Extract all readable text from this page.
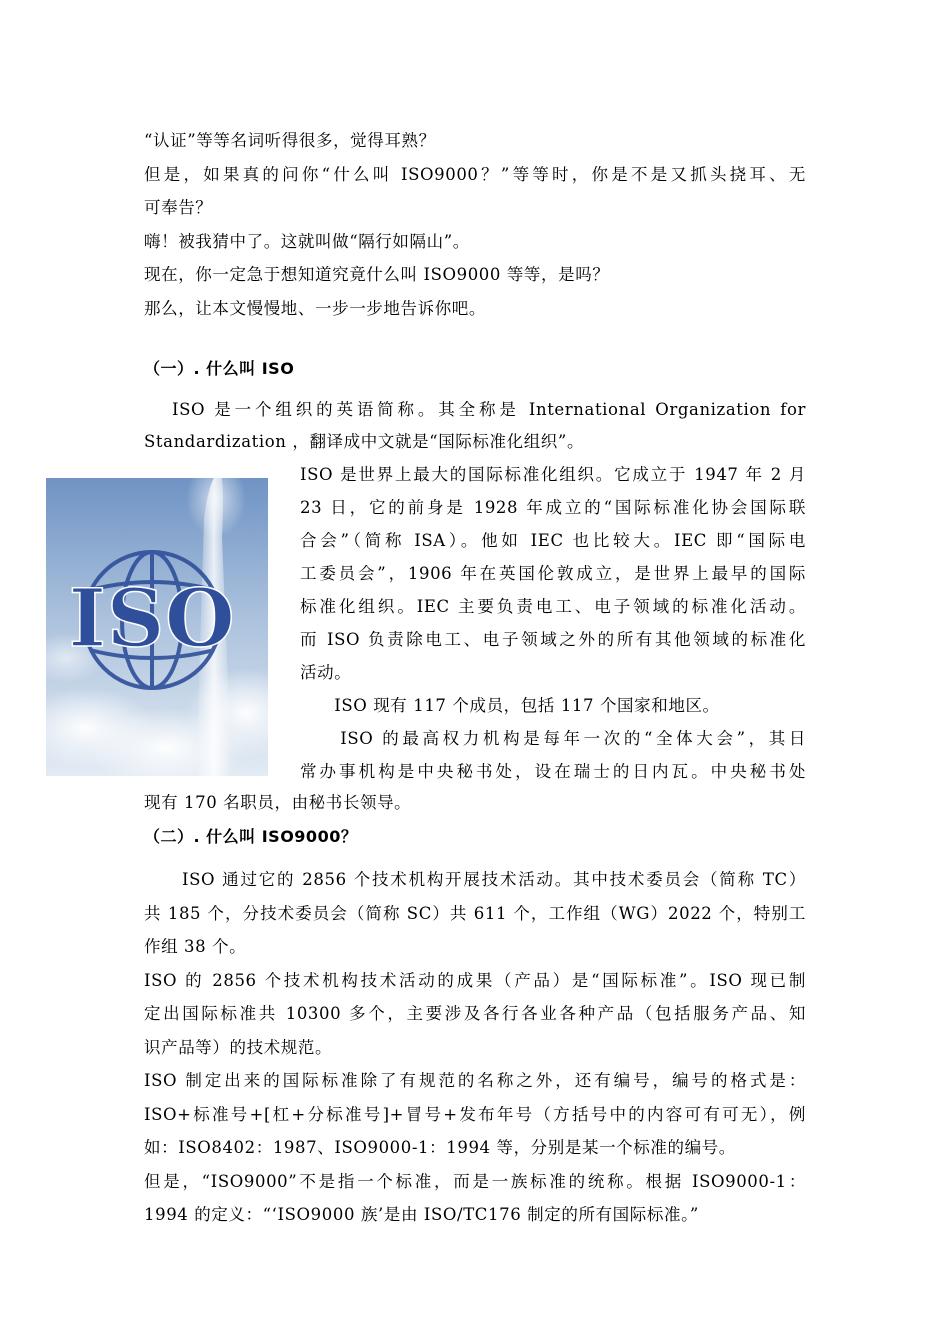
“认证”等等名词听得很多，觉得耳熟？
但是，如果真的问你“什么叫 ISO9000？”等等时，你是不是又抓头挠耳、无
可奉告？
嗨！被我猜中了。这就叫做“隔行如隔山”。
现在，你一定急于想知道究竟什么叫 ISO9000 等等，是吗？
那么，让本文慢慢地、一步一步地告诉你吧。
（一）. 什么叫 ISO
ISO 是一个组织的英语简称。其全称是 International Organization for
Standardization ，翻译成中文就是“国际标准化组织”。
ISO
ISO 是世界上最大的国际标准化组织。它成立于 1947 年 2 月
23 日，它的前身是 1928 年成立的“国际标准化协会国际联
合会”（简称 ISA）。他如 IEC 也比较大。IEC 即“国际电
工委员会”，1906 年在英国伦敦成立，是世界上最早的国际
标准化组织。IEC 主要负责电工、电子领域的标准化活动。
而 ISO 负责除电工、电子领域之外的所有其他领域的标准化
活动。
　　ISO 现有 117 个成员，包括 117 个国家和地区。
　　ISO 的最高权力机构是每年一次的“全体大会”，其日
常办事机构是中央秘书处，设在瑞士的日内瓦。中央秘书处
现有 170 名职员，由秘书长领导。
（二）. 什么叫 ISO9000？
ISO 通过它的 2856 个技术机构开展技术活动。其中技术委员会（简称 TC）
共 185 个，分技术委员会（简称 SC）共 611 个，工作组（WG）2022 个，特别工
作组 38 个。
ISO 的 2856 个技术机构技术活动的成果（产品）是“国际标准”。ISO 现已制
定出国际标准共 10300 多个，主要涉及各行各业各种产品（包括服务产品、知
识产品等）的技术规范。
ISO 制定出来的国际标准除了有规范的名称之外，还有编号，编号的格式是：
ISO+标准号+[杠+分标准号]+冒号+发布年号（方括号中的内容可有可无），例
如：ISO8402：1987、ISO9000-1：1994 等，分别是某一个标准的编号。
但是，“ISO9000”不是指一个标准，而是一族标准的统称。根据 ISO9000-1：
1994 的定义：“‘ISO9000 族’是由 ISO/TC176 制定的所有国际标准。”
